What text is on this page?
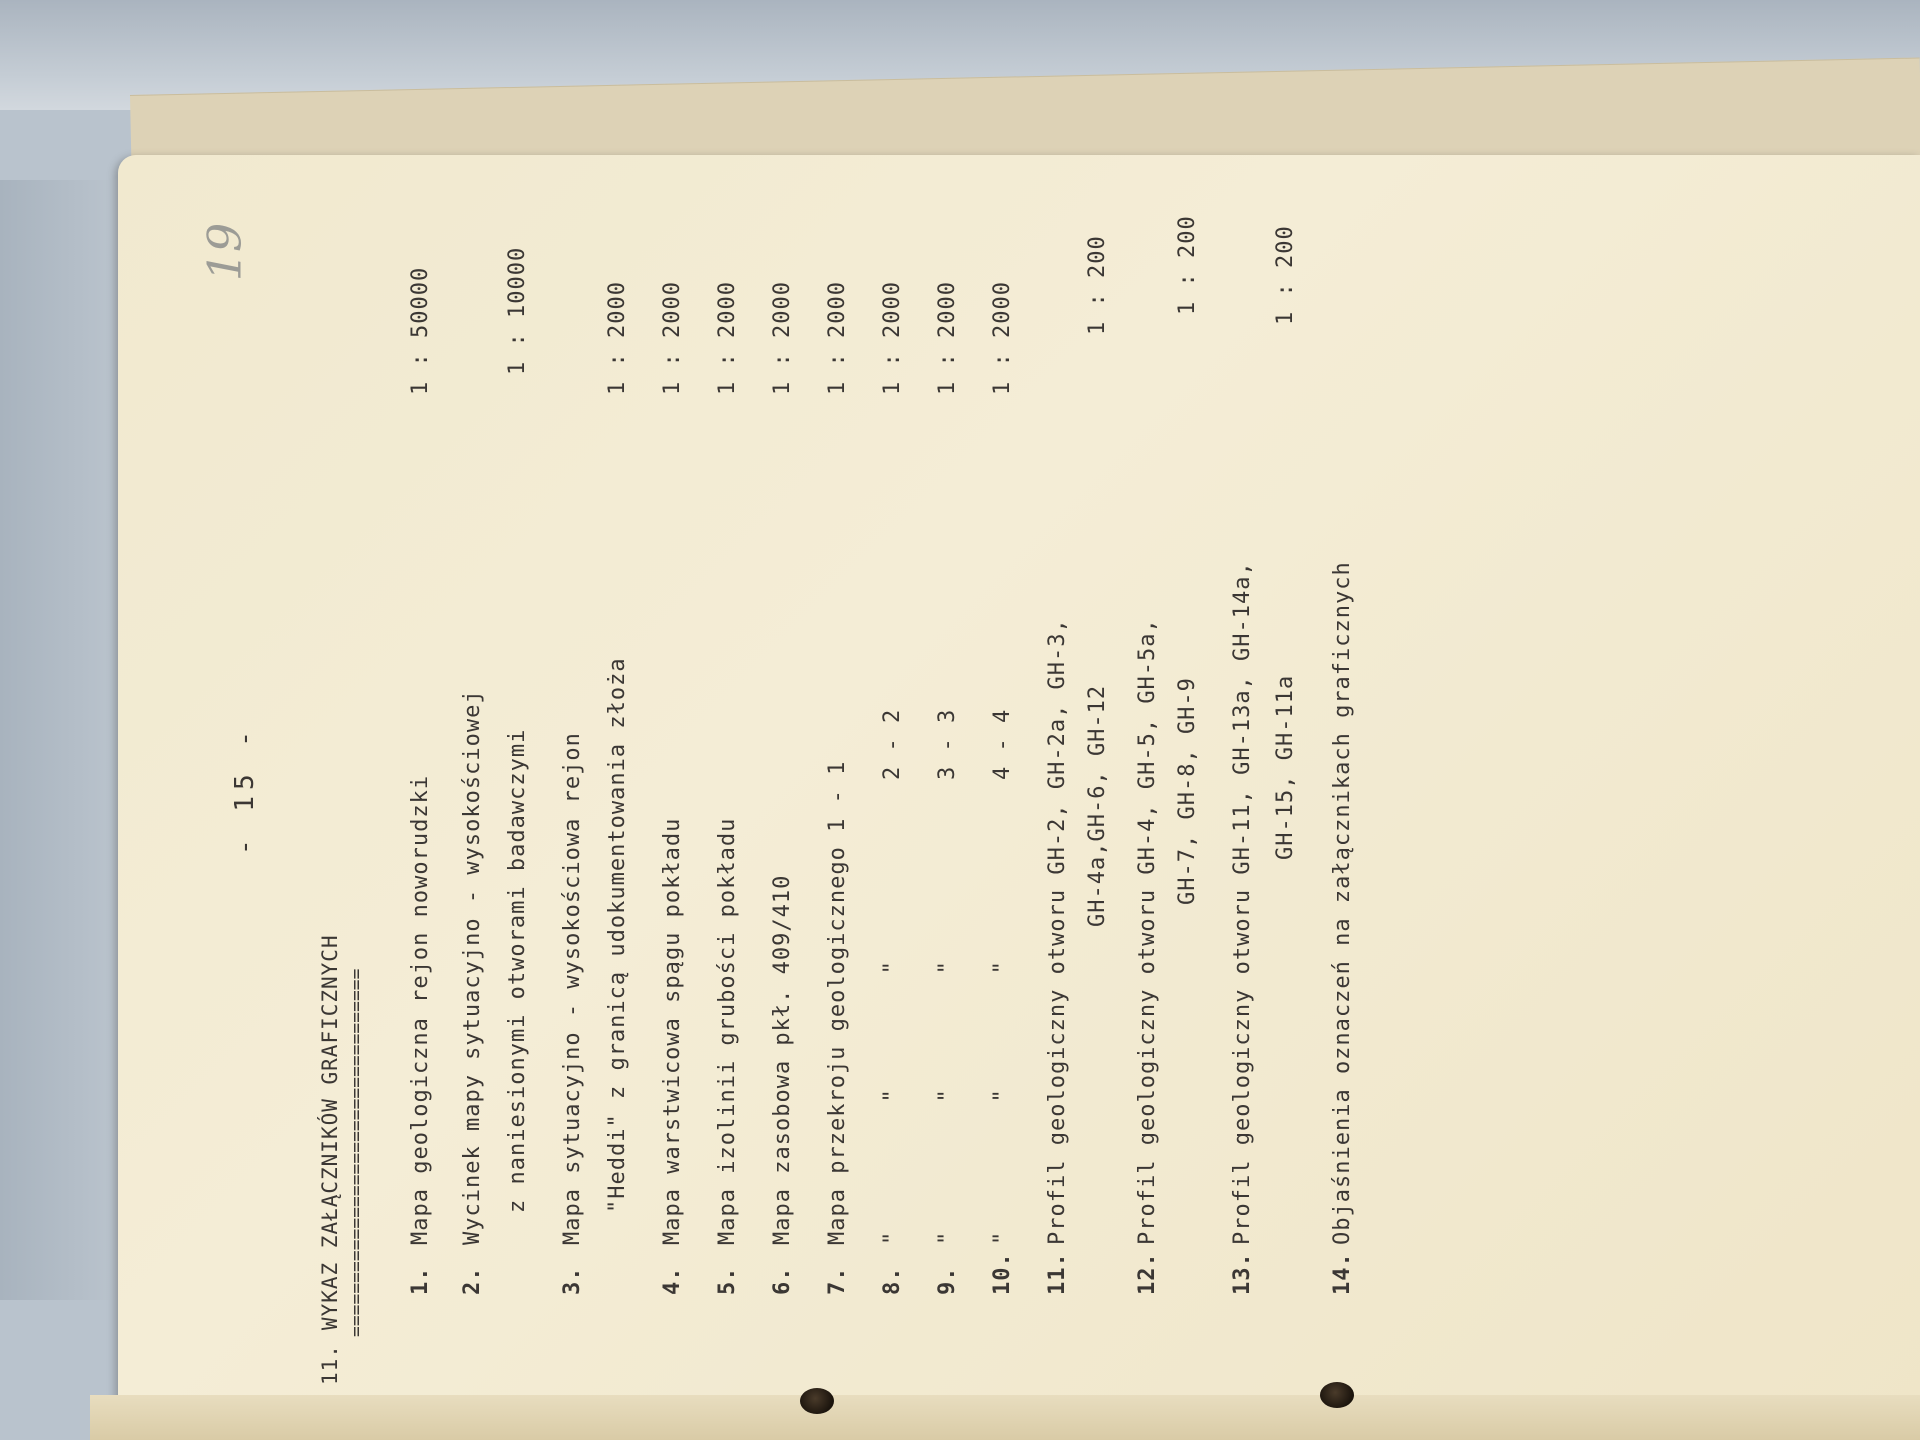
19
- 15 -
11.WYKAZ ZAŁĄCZNIKÓW GRAFICZNYCH ================================== 1.
Mapa geologiczna rejon noworudzki
1 : 50000
2.
Wycinek mapy sytuacyjno - wysokościowej z naniesionymi otworami badawczymi
1 : 10000
3.
Mapa sytuacyjno - wysokościowa rejon "Heddi" z granicą udokumentowania złoża
1 : 2000
4.
Mapa warstwicowa spągu pokładu
1 : 2000
5.
Mapa izolinii grubości pokładu
1 : 2000
6.
Mapa zasobowa pkł. 409/410
1 : 2000
7.
Mapa przekroju geologicznego 1 - 1
1 : 2000
8.
"         "        "
2 - 2
1 : 2000
9.
"         "        "
3 - 3
1 : 2000
10.
"         "        "
4 - 4
1 : 2000
11.
Profil geologiczny otworu GH-2, GH-2a, GH-3, GH-4a,GH-6, GH-12
1 : 200
12.
Profil geologiczny otworu GH-4, GH-5, GH-5a, GH-7, GH-8, GH-9
1 : 200
13.
Profil geologiczny otworu GH-11, GH-13a, GH-14a, GH-15, GH-11a
1 : 200
14.
Objaśnienia oznaczeń na załącznikach graficznych
